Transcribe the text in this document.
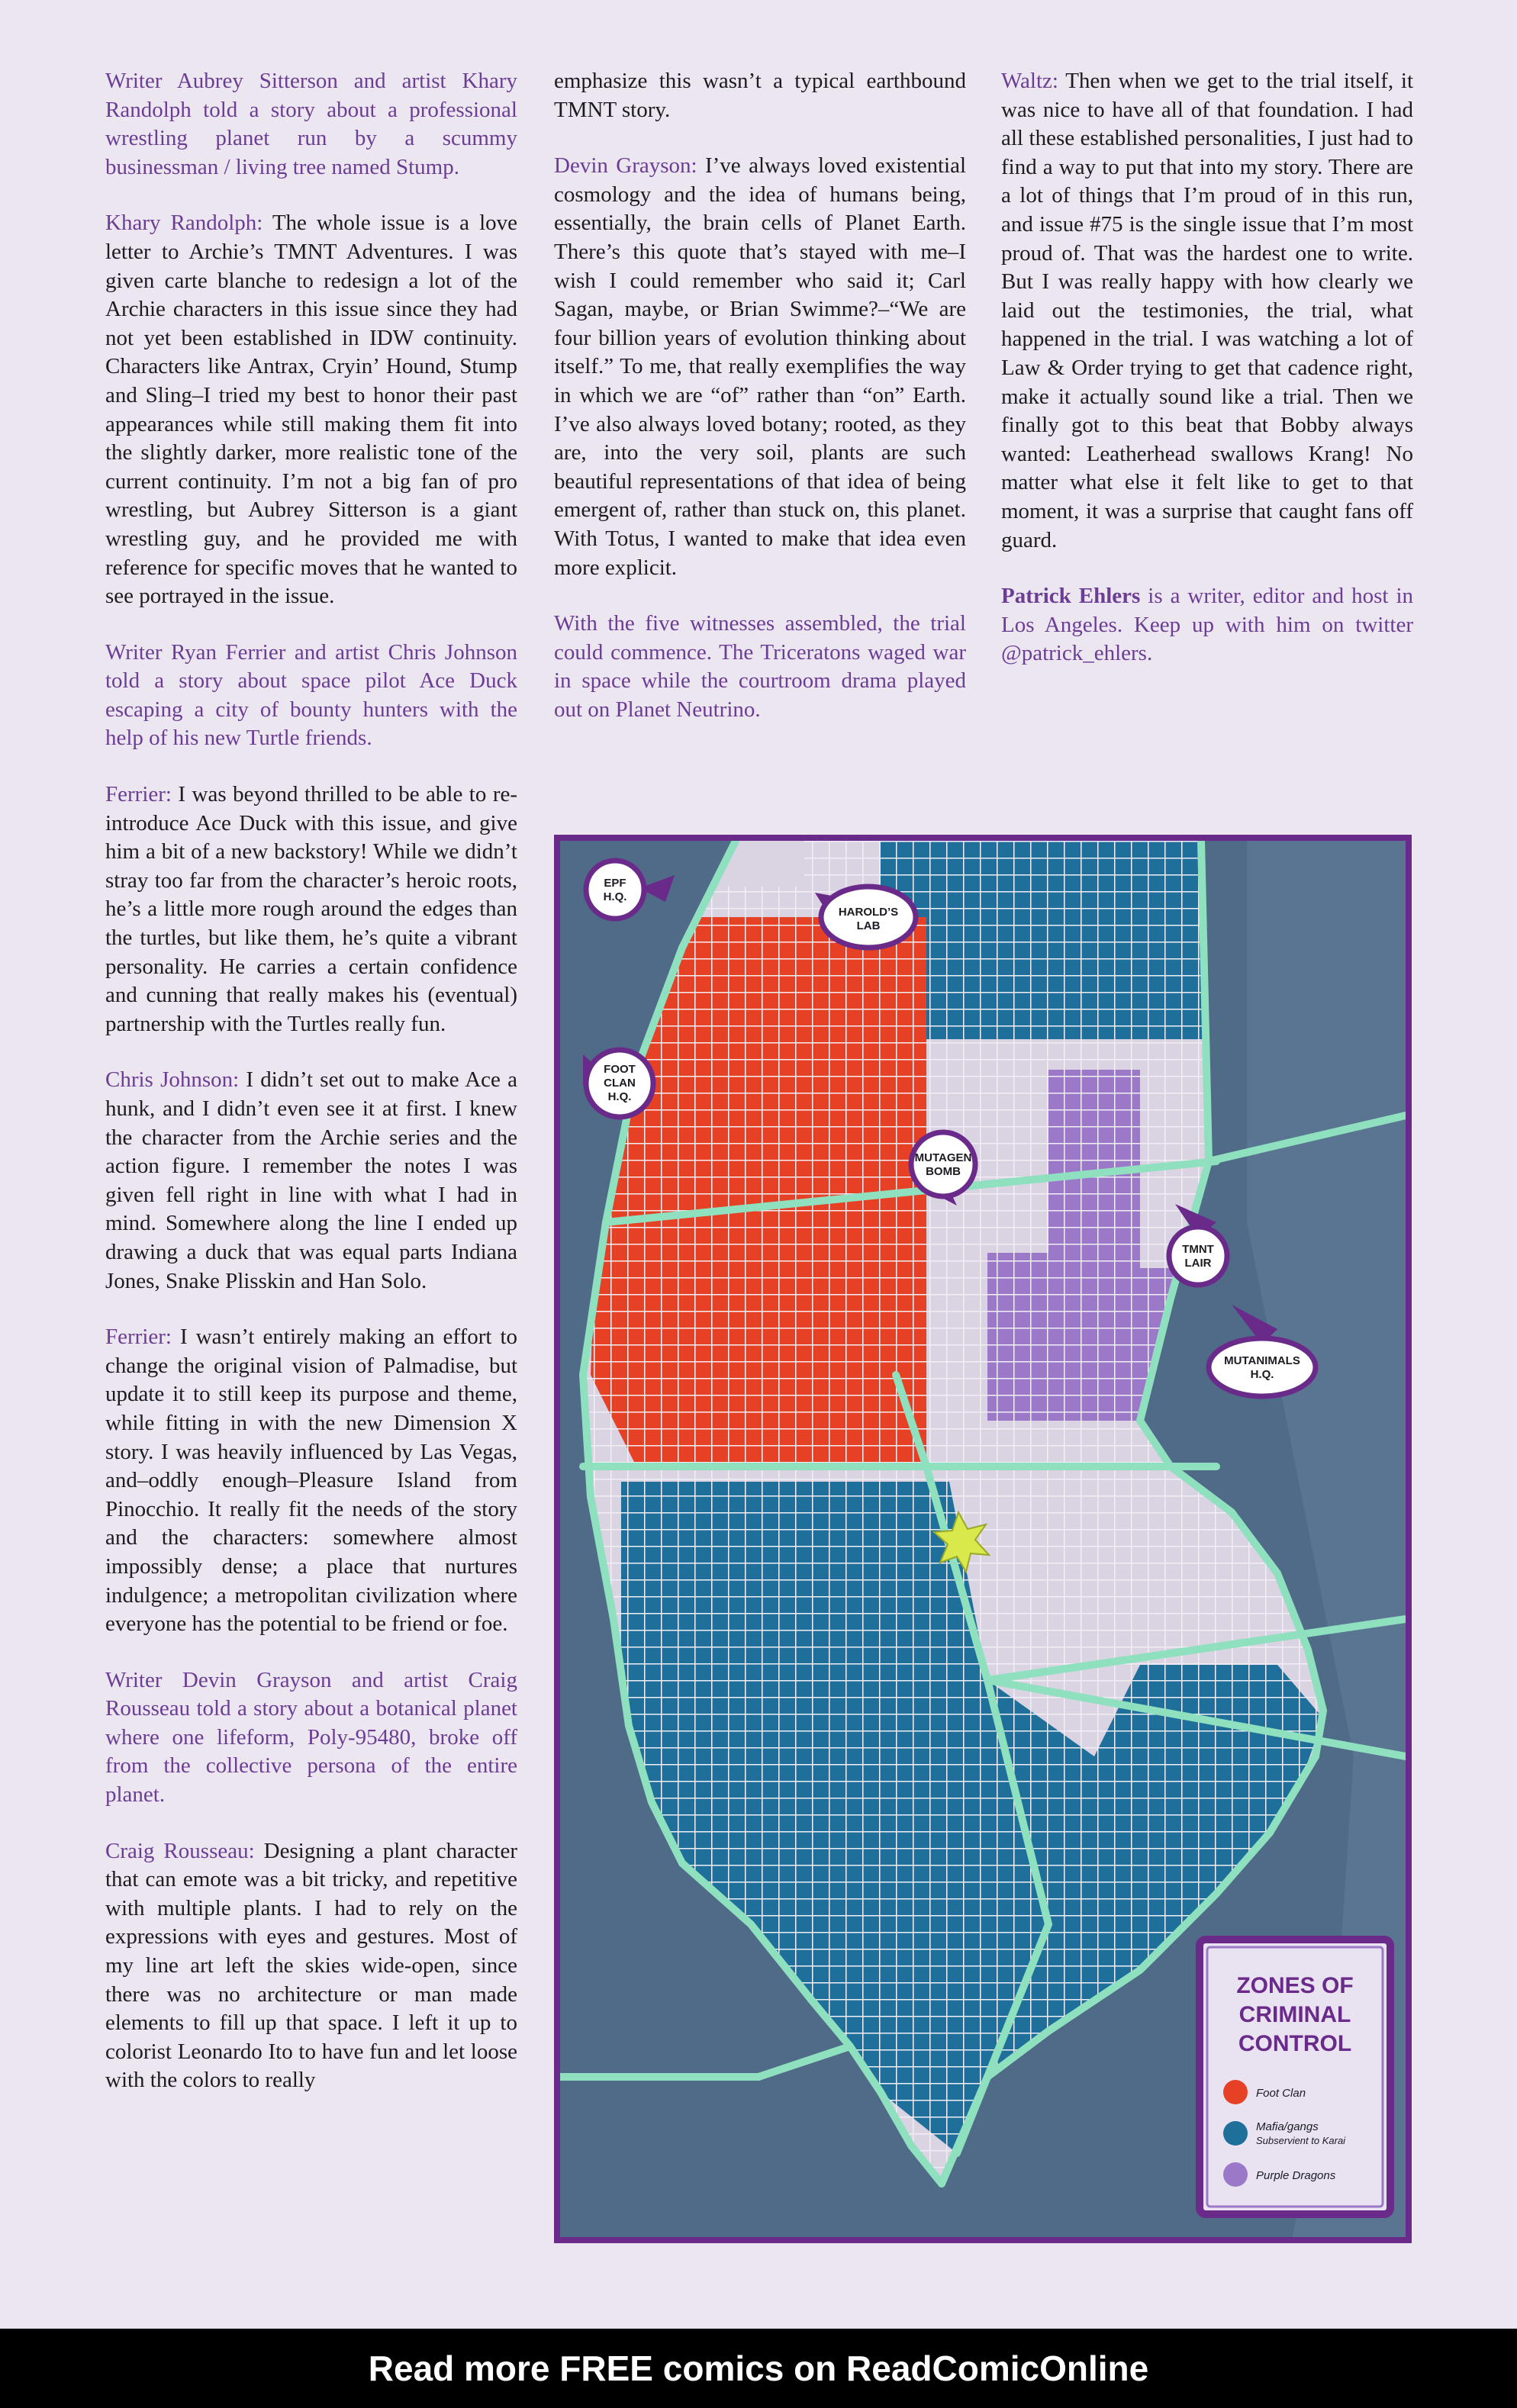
Writer Aubrey Sitterson and artist Khary Randolph told a story about a professional wrestling planet run by a scummy businessman / living tree named Stump.

Khary Randolph: The whole issue is a love letter to Archie’s TMNT Adventures. I was given carte blanche to redesign a lot of the Archie characters in this issue since they had not yet been established in IDW continuity. Characters like Antrax, Cryin’ Hound, Stump and Sling–I tried my best to honor their past appearances while still making them fit into the slightly darker, more realistic tone of the current continuity. I’m not a big fan of pro wrestling, but Aubrey Sitterson is a giant wrestling guy, and he provided me with reference for specific moves that he wanted to see portrayed in the issue.

Writer Ryan Ferrier and artist Chris Johnson told a story about space pilot Ace Duck escaping a city of bounty hunters with the help of his new Turtle friends.

Ferrier: I was beyond thrilled to be able to re-introduce Ace Duck with this issue, and give him a bit of a new backstory! While we didn’t stray too far from the character’s heroic roots, he’s a little more rough around the edges than the turtles, but like them, he’s quite a vibrant personality. He carries a certain confidence and cunning that really makes his (eventual) partnership with the Turtles really fun.

Chris Johnson: I didn’t set out to make Ace a hunk, and I didn’t even see it at first. I knew the character from the Archie series and the action figure. I remember the notes I was given fell right in line with what I had in mind. Somewhere along the line I ended up drawing a duck that was equal parts Indiana Jones, Snake Plisskin and Han Solo.

Ferrier: I wasn’t entirely making an effort to change the original vision of Palmadise, but update it to still keep its purpose and theme, while fitting in with the new Dimension X story. I was heavily influenced by Las Vegas, and–oddly enough–Pleasure Island from Pinocchio. It really fit the needs of the story and the characters: somewhere almost impossibly dense; a place that nurtures indulgence; a metropolitan civilization where everyone has the potential to be friend or foe.

Writer Devin Grayson and artist Craig Rousseau told a story about a botanical planet where one lifeform, Poly-95480, broke off from the collective persona of the entire planet.

Craig Rousseau: Designing a plant character that can emote was a bit tricky, and repetitive with multiple plants. I had to rely on the expressions with eyes and gestures. Most of my line art left the skies wide-open, since there was no architecture or man made elements to fill up that space. I left it up to colorist Leonardo Ito to have fun and let loose with the colors to really

emphasize this wasn’t a typical earthbound TMNT story.

Devin Grayson: I’ve always loved existential cosmology and the idea of humans being, essentially, the brain cells of Planet Earth. There’s this quote that’s stayed with me–I wish I could remember who said it; Carl Sagan, maybe, or Brian Swimme?–“We are four billion years of evolution thinking about itself.” To me, that really exemplifies the way in which we are “of” rather than “on” Earth. I’ve also always loved botany; rooted, as they are, into the very soil, plants are such beautiful representations of that idea of being emergent of, rather than stuck on, this planet. With Totus, I wanted to make that idea even more explicit.

With the five witnesses assembled, the trial could commence. The Triceratons waged war in space while the courtroom drama played out on Planet Neutrino.

Waltz: Then when we get to the trial itself, it was nice to have all of that foundation. I had all these established personalities, I just had to find a way to put that into my story. There are a lot of things that I’m proud of in this run, and issue #75 is the single issue that I’m most proud of. That was the hardest one to write. But I was really happy with how clearly we laid out the testimonies, the trial, what happened in the trial. I was watching a lot of Law & Order trying to get that cadence right, make it actually sound like a trial. Then we finally got to this beat that Bobby always wanted: Leatherhead swallows Krang! No matter what else it felt like to get to that moment, it was a surprise that caught fans off guard.

Patrick Ehlers is a writer, editor and host in Los Angeles. Keep up with him on twitter @patrick_ehlers.

EPF
H.Q.
HAROLD’S
LAB
FOOT
CLAN
H.Q.
MUTAGEN
BOMB
TMNT
LAIR
MUTANIMALS
H.Q.
ZONES OF
CRIMINAL
CONTROL
Foot Clan
Mafia/gangs
Subservient to Karai
Purple Dragons
Read more FREE comics on ReadComicOnline
